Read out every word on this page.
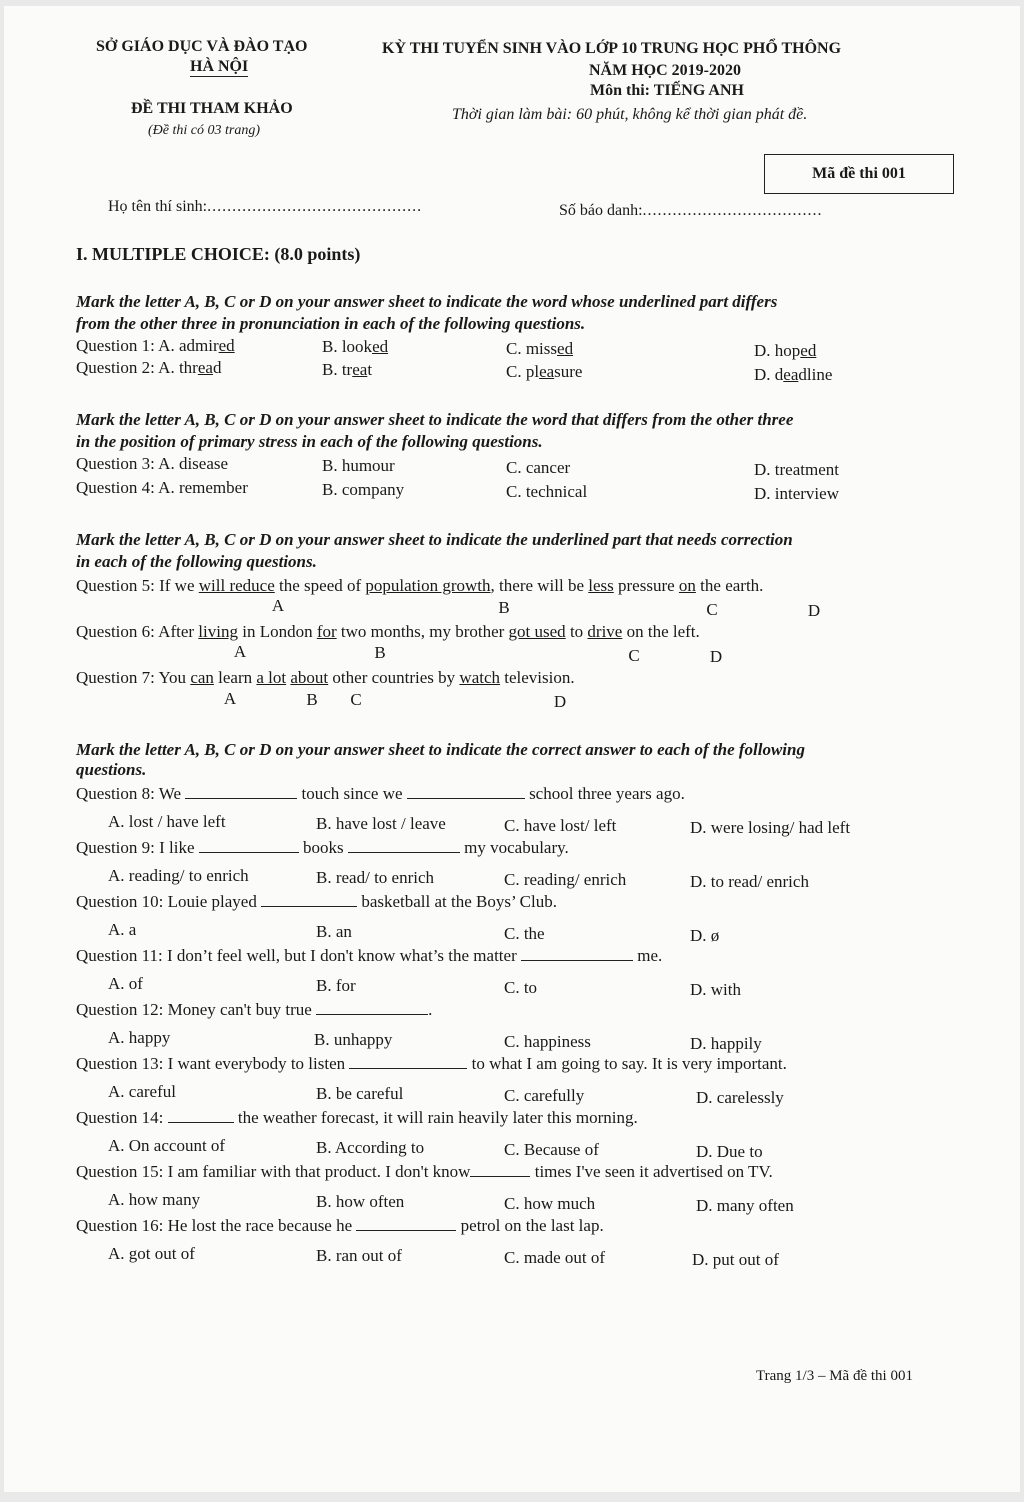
SỞ GIÁO DỤC VÀ ĐÀO TẠO
HÀ NỘI
ĐỀ THI THAM KHẢO
(Đề thi có 03 trang)
KỲ THI TUYỂN SINH VÀO LỚP 10 TRUNG HỌC PHỔ THÔNG
NĂM HỌC 2019-2020
Môn thi: TIẾNG ANH
Thời gian làm bài: 60 phút, không kể thời gian phát đề.
Mã đề thi 001
Họ tên thí sinh:...........................................	Số báo danh:....................................
I. MULTIPLE CHOICE: (8.0 points)
Mark the letter A, B, C or D on your answer sheet to indicate the word whose underlined part differs
from the other three in pronunciation in each of the following questions.
Question 1: A. admired	B. looked	C. missed	D. hoped
Question 2: A. thread	B. treat	C. pleasure	D. deadline
Mark the letter A, B, C or D on your answer sheet to indicate the word that differs from the other three
in the position of primary stress in each of the following questions.
Question 3: A. disease	B. humour	C. cancer	D. treatment
Question 4: A. remember	B. company	C. technical	D. interview
Mark the letter A, B, C or D on your answer sheet to indicate the underlined part that needs correction
in each of the following questions.
Question 5: If we will reduce the speed of population growth, there will be less pressure on the earth.
A	B	C	D
Question 6: After living in London for two months, my brother got used to drive on the left.
A	B	C	D
Question 7: You can learn a lot about other countries by watch television.
A	B C	D
Mark the letter A, B, C or D on your answer sheet to indicate the correct answer to each of the following
questions.
Question 8: We	touch since we	school three years ago.
A. lost / have left	B. have lost / leave	C. have lost/ left	D. were losing/ had left
Question 9: I like	books	my vocabulary.
A. reading/ to enrich	B. read/ to enrich	C. reading/ enrich	D. to read/ enrich
Question 10: Louie played	basketball at the Boys’ Club.
A. a	B. an	C. the	D. ø
Question 11: I don’t feel well, but I don't know what’s the matter	me.
A. of	B. for	C. to	D. with
Question 12: Money can't buy true	.
A. happy	B. unhappy	C. happiness	D. happily
Question 13: I want everybody to listen	to what I am going to say. It is very important.
A. careful	B. be careful	C. carefully	D. carelessly
Question 14:	the weather forecast, it will rain heavily later this morning.
A. On account of	B. According to	C. Because of	D. Due to
Question 15: I am familiar with that product. I don't know	times I've seen it advertised on TV.
A. how many	B. how often	C. how much	D. many often
Question 16: He lost the race because he	petrol on the last lap.
A. got out of	B. ran out of	C. made out of	D. put out of
Trang 1/3 – Mã đề thi 001
